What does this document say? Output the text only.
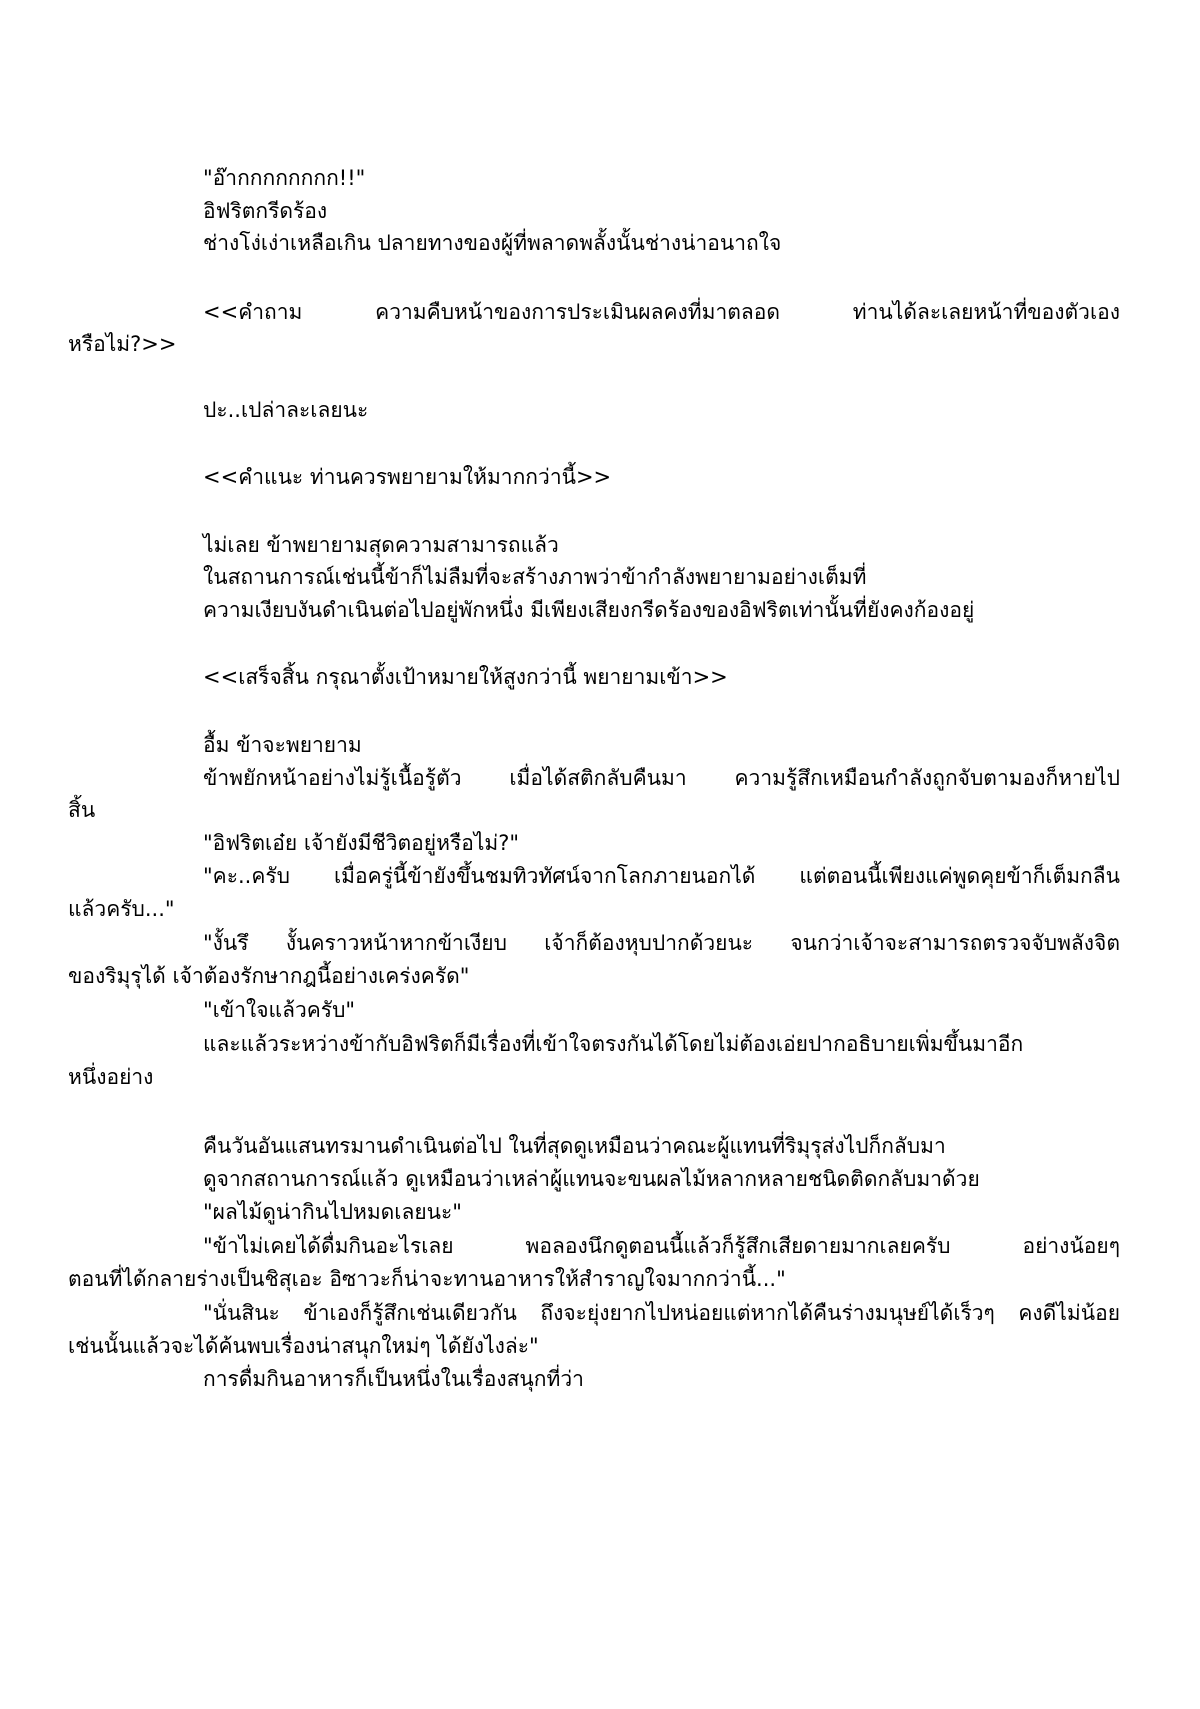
"อ๊ากกกกกกกก!!"
อิฟริตกรีดร้อง
ช่างโง่เง่าเหลือเกิน ปลายทางของผู้ที่พลาดพลั้งนั้นช่างน่าอนาถใจ
<<คำถาม ความคืบหน้าของการประเมินผลคงที่มาตลอด ท่านได้ละเลยหน้าที่ของตัวเอง
หรือไม่?>>
ปะ..เปล่าละเลยนะ
<<คำแนะ ท่านควรพยายามให้มากกว่านี้>>
ไม่เลย ข้าพยายามสุดความสามารถแล้ว
ในสถานการณ์เช่นนี้ข้าก็ไม่ลืมที่จะสร้างภาพว่าข้ากำลังพยายามอย่างเต็มที่
ความเงียบงันดำเนินต่อไปอยู่พักหนึ่ง มีเพียงเสียงกรีดร้องของอิฟริตเท่านั้นที่ยังคงก้องอยู่
<<เสร็จสิ้น กรุณาตั้งเป้าหมายให้สูงกว่านี้ พยายามเข้า>>
อื้ม ข้าจะพยายาม
ข้าพยักหน้าอย่างไม่รู้เนื้อรู้ตัว เมื่อได้สติกลับคืนมา ความรู้สึกเหมือนกำลังถูกจับตามองก็หายไป
สิ้น
"อิฟริตเอ๋ย เจ้ายังมีชีวิตอยู่หรือไม่?"
"คะ..ครับ เมื่อครู่นี้ข้ายังขึ้นชมทิวทัศน์จากโลกภายนอกได้ แต่ตอนนี้เพียงแค่พูดคุยข้าก็เต็มกลืน
แล้วครับ..."
"งั้นรึ งั้นคราวหน้าหากข้าเงียบ เจ้าก็ต้องหุบปากด้วยนะ จนกว่าเจ้าจะสามารถตรวจจับพลังจิต
ของริมุรุได้ เจ้าต้องรักษากฎนี้อย่างเคร่งครัด"
"เข้าใจแล้วครับ"
และแล้วระหว่างข้ากับอิฟริตก็มีเรื่องที่เข้าใจตรงกันได้โดยไม่ต้องเอ่ยปากอธิบายเพิ่มขึ้นมาอีก
หนึ่งอย่าง
คืนวันอันแสนทรมานดำเนินต่อไป ในที่สุดดูเหมือนว่าคณะผู้แทนที่ริมุรุส่งไปก็กลับมา
ดูจากสถานการณ์แล้ว ดูเหมือนว่าเหล่าผู้แทนจะขนผลไม้หลากหลายชนิดติดกลับมาด้วย
"ผลไม้ดูน่ากินไปหมดเลยนะ"
"ข้าไม่เคยได้ดื่มกินอะไรเลย พอลองนึกดูตอนนี้แล้วก็รู้สึกเสียดายมากเลยครับ อย่างน้อยๆ
ตอนที่ได้กลายร่างเป็นชิสุเอะ อิซาวะก็น่าจะทานอาหารให้สำราญใจมากกว่านี้..."
"นั่นสินะ ข้าเองก็รู้สึกเช่นเดียวกัน ถึงจะยุ่งยากไปหน่อยแต่หากได้คืนร่างมนุษย์ได้เร็วๆ คงดีไม่น้อย
เช่นนั้นแล้วจะได้ค้นพบเรื่องน่าสนุกใหม่ๆ ได้ยังไงล่ะ"
การดื่มกินอาหารก็เป็นหนึ่งในเรื่องสนุกที่ว่า
